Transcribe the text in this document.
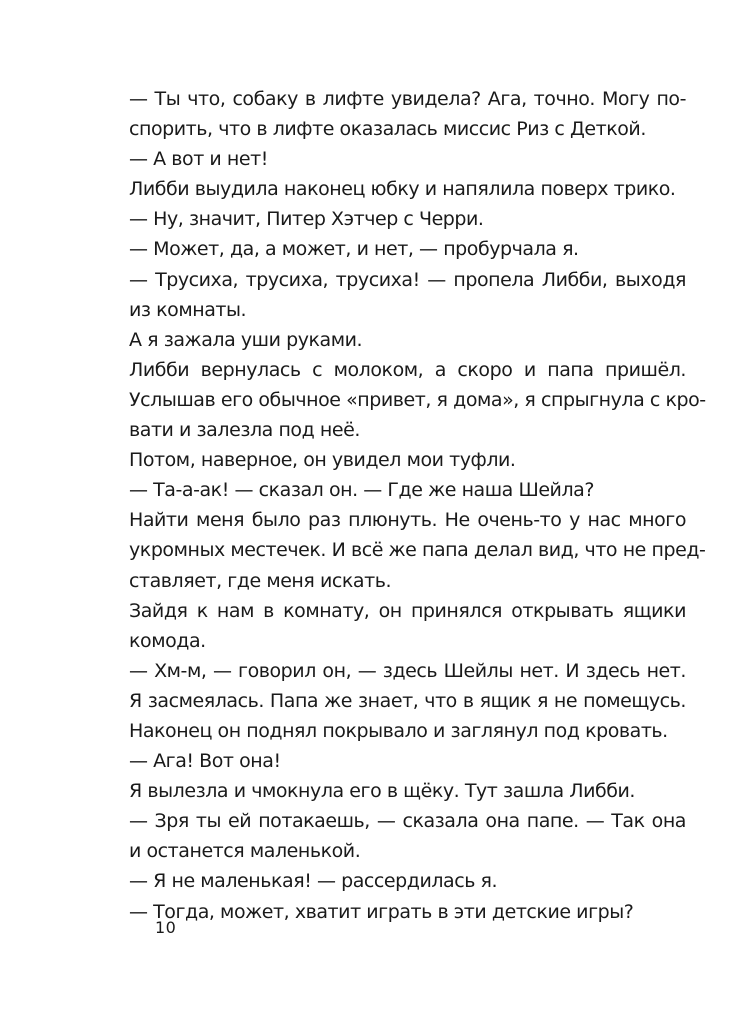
— Ты что, собаку в лифте увидела? Ага, точно. Могу по-
спорить, что в лифте оказалась миссис Риз с Деткой.
— А вот и нет!
Либби выудила наконец юбку и напялила поверх трико.
— Ну, значит, Питер Хэтчер с Черри.
— Может, да, а может, и нет, — пробурчала я.
— Трусиха, трусиха, трусиха! — пропела Либби, выходя
из комнаты.
А я зажала уши руками.
Либби вернулась с молоком, а скоро и папа пришёл.
Услышав его обычное «привет, я дома», я спрыгнула с кро-
вати и залезла под неё.
Потом, наверное, он увидел мои туфли.
— Та-а-ак! — сказал он. — Где же наша Шейла?
Найти меня было раз плюнуть. Не очень-то у нас много
укромных местечек. И всё же папа делал вид, что не пред-
ставляет, где меня искать.
Зайдя к нам в комнату, он принялся открывать ящики
комода.
— Хм-м, — говорил он, — здесь Шейлы нет. И здесь нет.
Я засмеялась. Папа же знает, что в ящик я не помещусь.
Наконец он поднял покрывало и заглянул под кровать.
— Ага! Вот она!
Я вылезла и чмокнула его в щёку. Тут зашла Либби.
— Зря ты ей потакаешь, — сказала она папе. — Так она
и останется маленькой.
— Я не маленькая! — рассердилась я.
— Тогда, может, хватит играть в эти детские игры?
10
